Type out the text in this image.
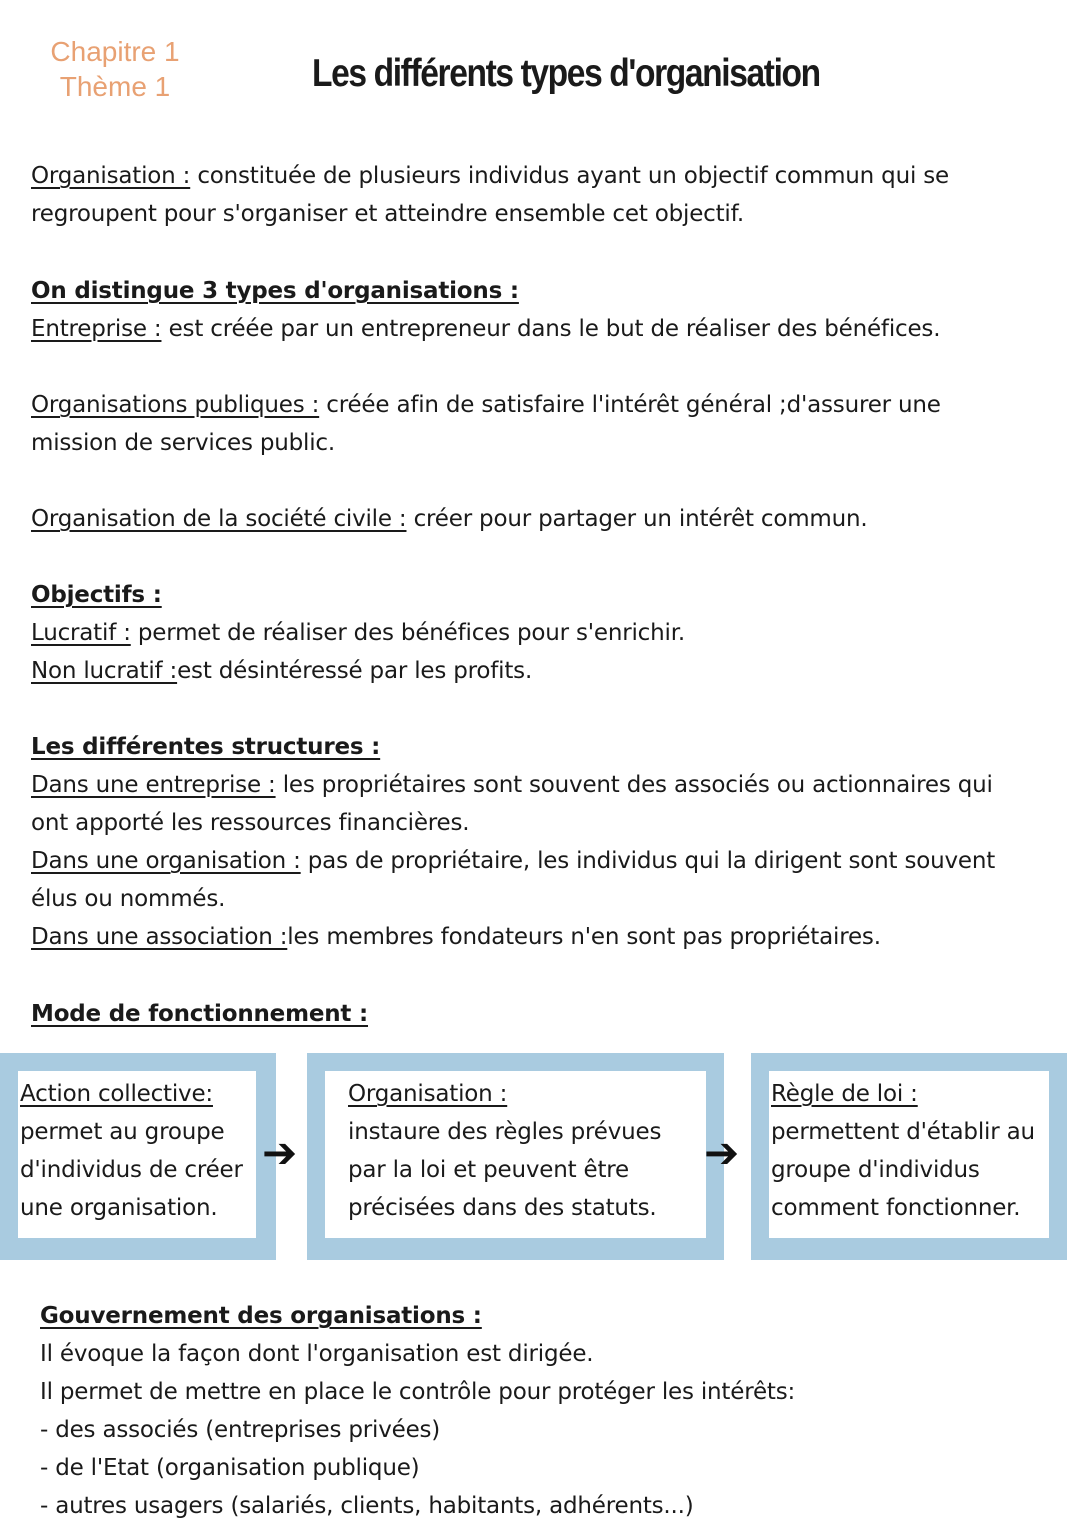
Chapitre 1
Thème 1	Les différents types d'organisation
Organisation : constituée de plusieurs individus ayant un objectif commun qui se
regroupent pour s'organiser et atteindre ensemble cet objectif.
On distingue 3 types d'organisations :
Entreprise : est créée par un entrepreneur dans le but de réaliser des bénéfices.
Organisations publiques : créée afin de satisfaire l'intérêt général ;d'assurer une
mission de services public.
Organisation de la société civile : créer pour partager un intérêt commun.
Objectifs :
Lucratif : permet de réaliser des bénéfices pour s'enrichir.
Non lucratif :est désintéressé par les profits.
Les différentes structures :
Dans une entreprise : les propriétaires sont souvent des associés ou actionnaires qui
ont apporté les ressources financières.
Dans une organisation : pas de propriétaire, les individus qui la dirigent sont souvent
élus ou nommés.
Dans une association :les membres fondateurs n'en sont pas propriétaires.
Mode de fonctionnement :
Action collective:
permet au groupe
d'individus de créer
une organisation.
➔
Organisation :
instaure des règles prévues
par la loi et peuvent être
précisées dans des statuts.
➔
Règle de loi :
permettent d'établir au
groupe d'individus
comment fonctionner.
Gouvernement des organisations :
Il évoque la façon dont l'organisation est dirigée.
Il permet de mettre en place le contrôle pour protéger les intérêts:
- des associés (entreprises privées)
- de l'Etat (organisation publique)
- autres usagers (salariés, clients, habitants, adhérents...)
